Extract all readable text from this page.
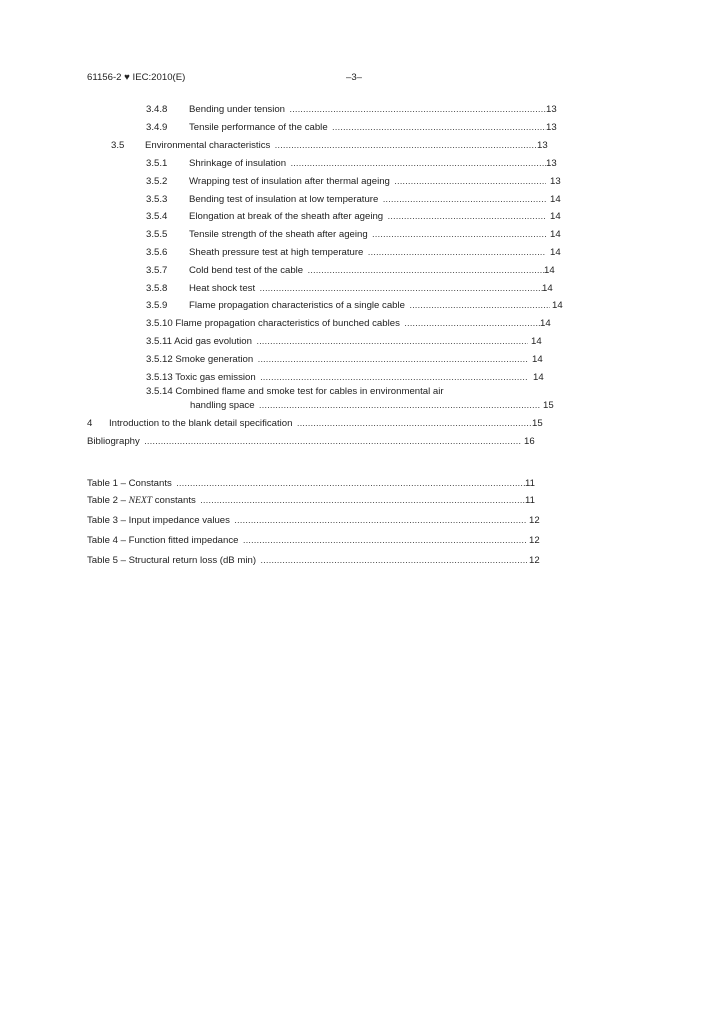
61156-2 ♥ IEC:2010(E)	–3–
3.4.8 Bending under tension . . .	13
3.4.9 Tensile performance of the cable . . .	13
3.5 Environmental characteristics . . .	13
3.5.1 Shrinkage of insulation . . .	13
3.5.2 Wrapping test of insulation after thermal ageing . . .	13
3.5.3 Bending test of insulation at low temperature . . .	14
3.5.4 Elongation at break of the sheath after ageing . . .	14
3.5.5 Tensile strength of the sheath after ageing . . .	14
3.5.6 Sheath pressure test at high temperature . . .	14
3.5.7 Cold bend test of the cable . . .	14
3.5.8 Heat shock test . . .	14
3.5.9 Flame propagation characteristics of a single cable . . .	14
3.5.10 Flame propagation characteristics of bunched cables . . .	14
3.5.11 Acid gas evolution . . .	14
3.5.12 Smoke generation . . .	14
3.5.13 Toxic gas emission . . .	14
3.5.14 Combined flame and smoke test for cables in environmental air
handling space . . .	15
4 Introduction to the blank detail specification . . .	15
Bibliography . . .	16
Table 1 – Constants . . .	11
Table 2 – NEXT constants . . .	11
Table 3 – Input impedance values . . .	12
Table 4 – Function fitted impedance . . .	12
Table 5 – Structural return loss (dB min) . . .	12
